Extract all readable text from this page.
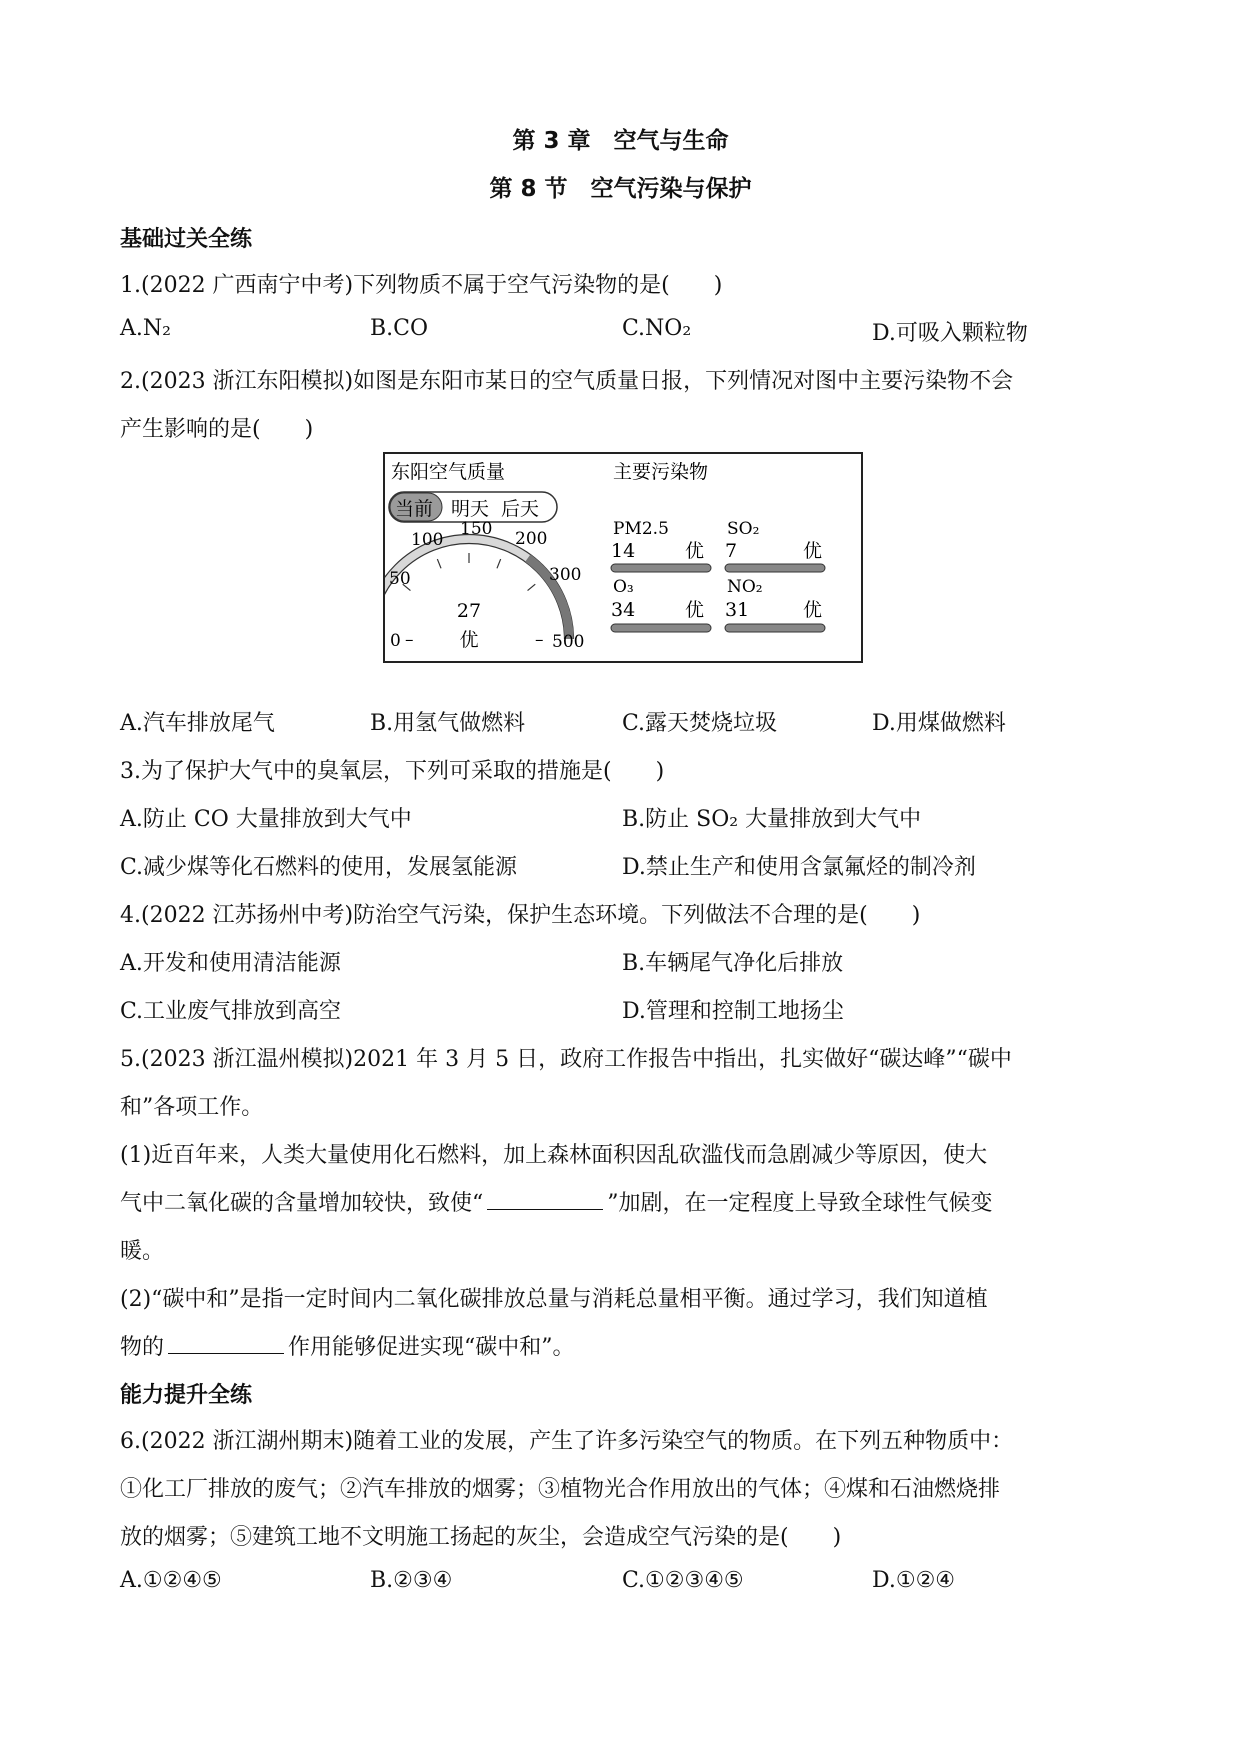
第 3 章　空气与生命
第 8 节　空气污染与保护
基础过关全练
1.(2022 广西南宁中考)下列物质不属于空气污染物的是(　　)
A.N₂	B.CO	C.NO₂	D.可吸入颗粒物
2.(2023 浙江东阳模拟)如图是东阳市某日的空气质量日报，下列情况对图中主要污染物不会
产生影响的是(　　)
东阳空气质量	主要污染物
当前 明天 后天
27
优
0 –
50
100
150 200
300
– 500
PM2.5
14	优
SO₂
7	优
O₃
34	优
NO₂
31	优
A.汽车排放尾气	B.用氢气做燃料	C.露天焚烧垃圾	D.用煤做燃料
3.为了保护大气中的臭氧层，下列可采取的措施是(　　)
A.防止 CO 大量排放到大气中	B.防止 SO₂ 大量排放到大气中
C.减少煤等化石燃料的使用，发展氢能源	D.禁止生产和使用含氯氟烃的制冷剂
4.(2022 江苏扬州中考)防治空气污染，保护生态环境。下列做法不合理的是(　　)
A.开发和使用清洁能源	B.车辆尾气净化后排放
C.工业废气排放到高空	D.管理和控制工地扬尘
5.(2023 浙江温州模拟)2021 年 3 月 5 日，政府工作报告中指出，扎实做好“碳达峰”“碳中
和”各项工作。
(1)近百年来，人类大量使用化石燃料，加上森林面积因乱砍滥伐而急剧减少等原因，使大
气中二氧化碳的含量增加较快，致使“	”加剧，在一定程度上导致全球性气候变
暖。
(2)“碳中和”是指一定时间内二氧化碳排放总量与消耗总量相平衡。通过学习，我们知道植
物的	作用能够促进实现“碳中和”。
能力提升全练
6.(2022 浙江湖州期末)随着工业的发展，产生了许多污染空气的物质。在下列五种物质中：
①化工厂排放的废气；②汽车排放的烟雾；③植物光合作用放出的气体；④煤和石油燃烧排
放的烟雾；⑤建筑工地不文明施工扬起的灰尘，会造成空气污染的是(　　)
A.①②④⑤	B.②③④	C.①②③④⑤	D.①②④
